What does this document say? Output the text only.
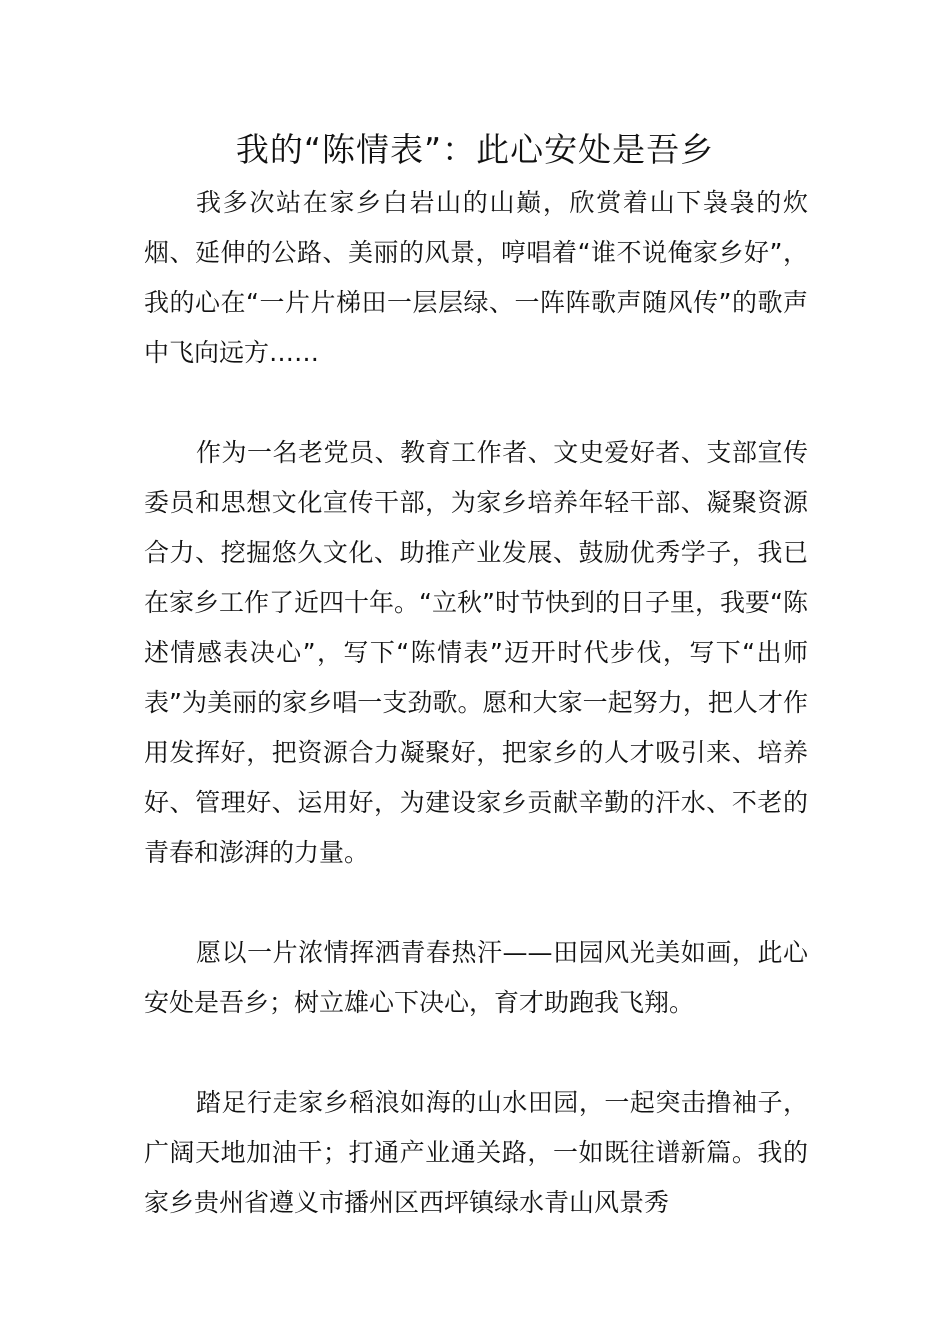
我的“陈情表”：此心安处是吾乡

我多次站在家乡白岩山的山巅，欣赏着山下袅袅的炊烟、延伸的公路、美丽的风景，哼唱着“谁不说俺家乡好”，我的心在“一片片梯田一层层绿、一阵阵歌声随风传”的歌声中飞向远方……

作为一名老党员、教育工作者、文史爱好者、支部宣传委员和思想文化宣传干部，为家乡培养年轻干部、凝聚资源合力、挖掘悠久文化、助推产业发展、鼓励优秀学子，我已在家乡工作了近四十年。“立秋”时节快到的日子里，我要“陈述情感表决心”，写下“陈情表”迈开时代步伐，写下“出师表”为美丽的家乡唱一支劲歌。愿和大家一起努力，把人才作用发挥好，把资源合力凝聚好，把家乡的人才吸引来、培养好、管理好、运用好，为建设家乡贡献辛勤的汗水、不老的青春和澎湃的力量。

愿以一片浓情挥洒青春热汗——田园风光美如画，此心安处是吾乡；树立雄心下决心，育才助跑我飞翔。

踏足行走家乡稻浪如海的山水田园，一起突击撸袖子，广阔天地加油干；打通产业通关路，一如既往谱新篇。我的家乡贵州省遵义市播州区西坪镇绿水青山风景秀
